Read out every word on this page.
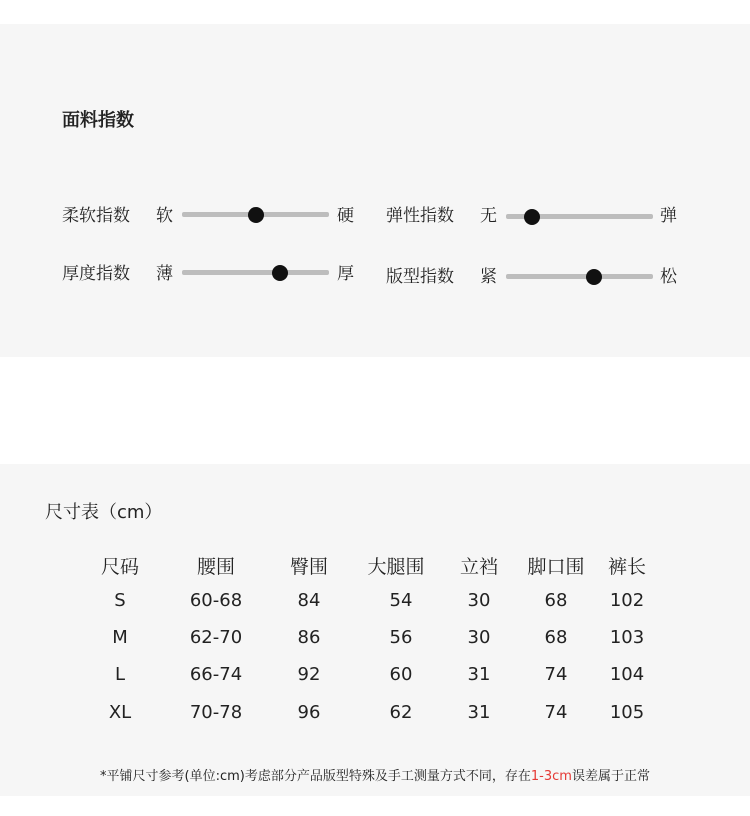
面料指数
柔软指数 软	硬 弹性指数 无	弹
厚度指数 薄	厚 版型指数 紧	松
尺寸表（cm）
尺码	腰围	臀围	大腿围	立裆	脚口围	裤长
S	60-68	84	54	30	68	102
M	62-70	86	56	30	68	103
L	66-74	92	60	31	74	104
XL	70-78	96	62	31	74	105
*平铺尺寸参考(单位:cm)考虑部分产品版型特殊及手工测量方式不同，存在1-3cm误差属于正常
